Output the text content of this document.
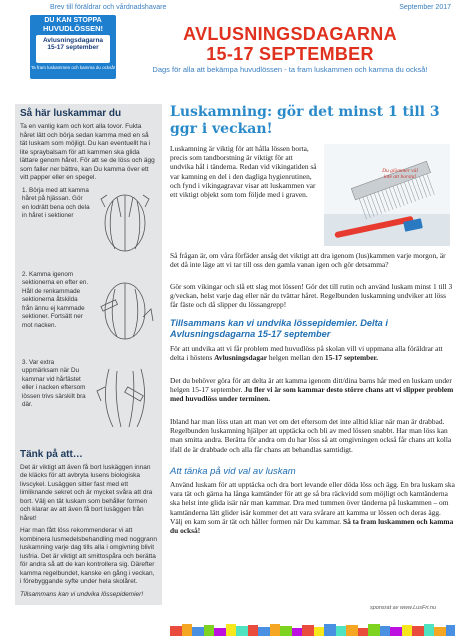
Brev till föräldrar och vårdnadshavare	September 2017
DU KAN STOPPA
HUVUDLÖSSEN!
Avlusningsdagarna
15-17 september
Ta fram luskammen och kamma du också!
AVLUSNINGSDAGARNA
15-17 SEPTEMBER
Dags för alla att bekämpa huvudlössen - ta fram luskammen och kamma du också!
Så här luskammar du

Ta en vanlig kam och kort alla tovor. Fukta håret lätt och börja sedan kamma med en så tät luskam som möjligt. Du kan eventuellt ha i lite spraybalsam för att kammen ska glida lättare genom håret. För att se de löss och ägg som faller ner bättre, kan Du kamma över ett vitt papper eller en spegel.

1. Börja med att kamma håret på hjässan. Gör en lodrätt bena och dela in håret i sektioner
2. Kamma igenom sektionerna en efter en. Håll de renkammade sektionerna åtskilda från ännu ej kammade sektioner. Fortsätt ner mot nacken.
3. Var extra uppmärksam när Du kammar vid hårfästet eller i nacken eftersom lössen trivs särskilt bra där.
Tänk på att…

Det är viktigt att även få bort luskäggen innan de kläcks för att avbryta lusens biologiska livscykel. Lusäggen sitter fast med ett limliknande sekret och är mycket svåra att dra bort. Välj en tät luskam som behåller formen och klarar av att även få bort lusäggen från håret!

Har man fått löss rekommenderar vi att kombinera lusmedelsbehandling med noggrann luskamning varje dag tills alla i omgivning blivit lusfria. Det är viktigt att smittospåra och berätta för andra så att de kan kontrollera sig. Därefter kamma regelbundet, kanske en gång i veckan, i förebyggande syfte under hela skolåret.

Tillsammans kan vi undvika lössepidemier!

Luskamning: gör det minst 1 till 3 ggr i veckan!
Luskamning är viktig för att hålla lössen borta, precis som tandborstning är viktigt för att undvika hål i tänderna. Redan vid vikingatiden så var kamning en del i den dagliga hygienrutinen, och fynd i vikingagravar visar att luskammen var ett viktigt objekt som tom följde med i graven.
Du glömmer väl inte att borsta!
Så frågan är, om våra förfäder ansåg det viktigt att dra igenom (lus)kammen varje morgon, är det då inte läge att vi tar till oss den gamla vanan igen och gör detsamma?
Gör som vikingar och slå ett slag mot lössen! Gör det till rutin och använd luskam minst 1 till 3 g/veckan, helst varje dag eller när du tvättar håret. Regelbunden luskamning undviker att löss får fäste och då slipper du lössangrepp!
Tillsammans kan vi undvika lössepidemier. Delta i Avlusningsdagarna 15-17 september
För att undvika att vi får problem med huvudlöss på skolan vill vi uppmana alla föräldrar att delta i höstens Avlusningsdagar helgen mellan den 15-17 september.
Det du behöver göra för att delta är att kamma igenom ditt/dina barns hår med en luskam under helgen 15-17 september. Ju fler vi är som kammar desto större chans att vi slipper problem med huvudlöss under terminen.
Ibland har man löss utan att man vet om det eftersom det inte alltid kliar när man är drabbad. Regelbunden luskamning hjälper att upptäcka och bli av med lössen snabbt. Har man löss kan man smitta andra. Berätta för andra om du har löss så att omgivningen också får chans att kolla ifall de är drabbade och alla får chans att behandlas samtidigt.
Att tänka på vid val av luskam
Använd luskam för att upptäcka och dra bort levande eller döda löss och ägg. En bra luskam ska vara tät och gärna ha långa kamtänder för att ge så bra räckvidd som möjligt och kamtänderna ska helst inte glida isär när man kammar. Dra med tummen över tänderna på luskammen – om kamtänderna lätt glider isär kommer det att vara svårare att kamma ur lössen och deras ägg. Välj en kam som är tät och håller formen när Du kammar. Så ta fram luskammen och kamma du också!
sponsrat av www.LusFri.nu
